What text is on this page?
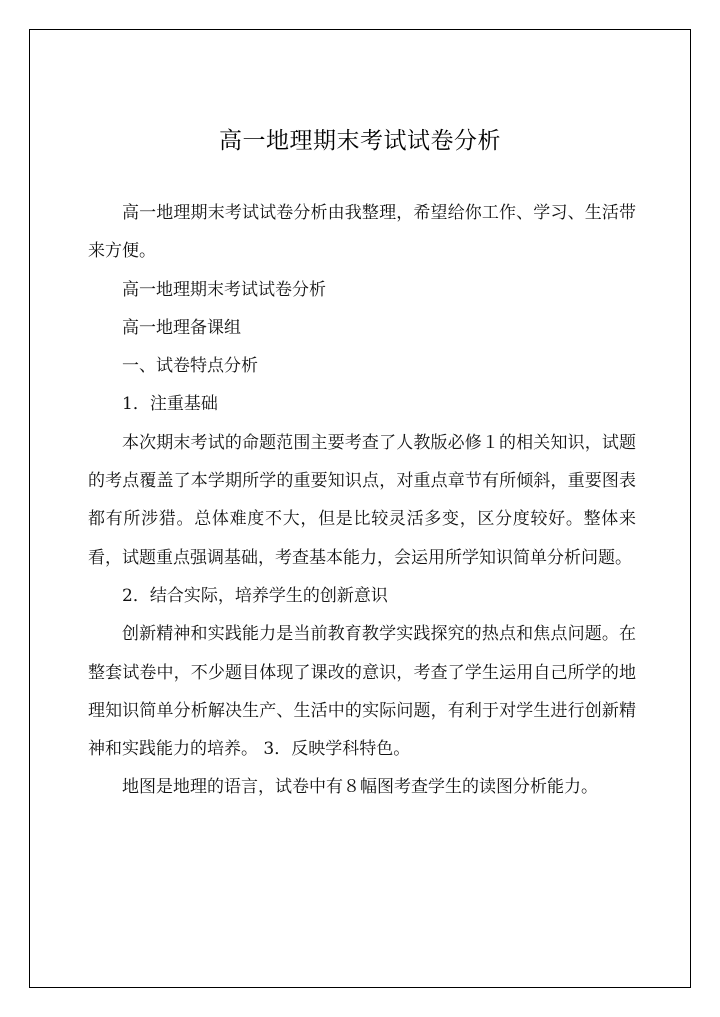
高一地理期末考试试卷分析

高一地理期末考试试卷分析由我整理，希望给你工作、学习、生活带来方便。

高一地理期末考试试卷分析

高一地理备课组

一、试卷特点分析

1．注重基础

本次期末考试的命题范围主要考查了人教版必修１的相关知识，试题的考点覆盖了本学期所学的重要知识点，对重点章节有所倾斜，重要图表都有所涉猎。总体难度不大，但是比较灵活多变，区分度较好。整体来看，试题重点强调基础，考查基本能力，会运用所学知识简单分析问题。

2．结合实际，培养学生的创新意识

创新精神和实践能力是当前教育教学实践探究的热点和焦点问题。在整套试卷中，不少题目体现了课改的意识，考查了学生运用自己所学的地理知识简单分析解决生产、生活中的实际问题，有利于对学生进行创新精神和实践能力的培养。 3．反映学科特色。

地图是地理的语言，试卷中有８幅图考查学生的读图分析能力。
